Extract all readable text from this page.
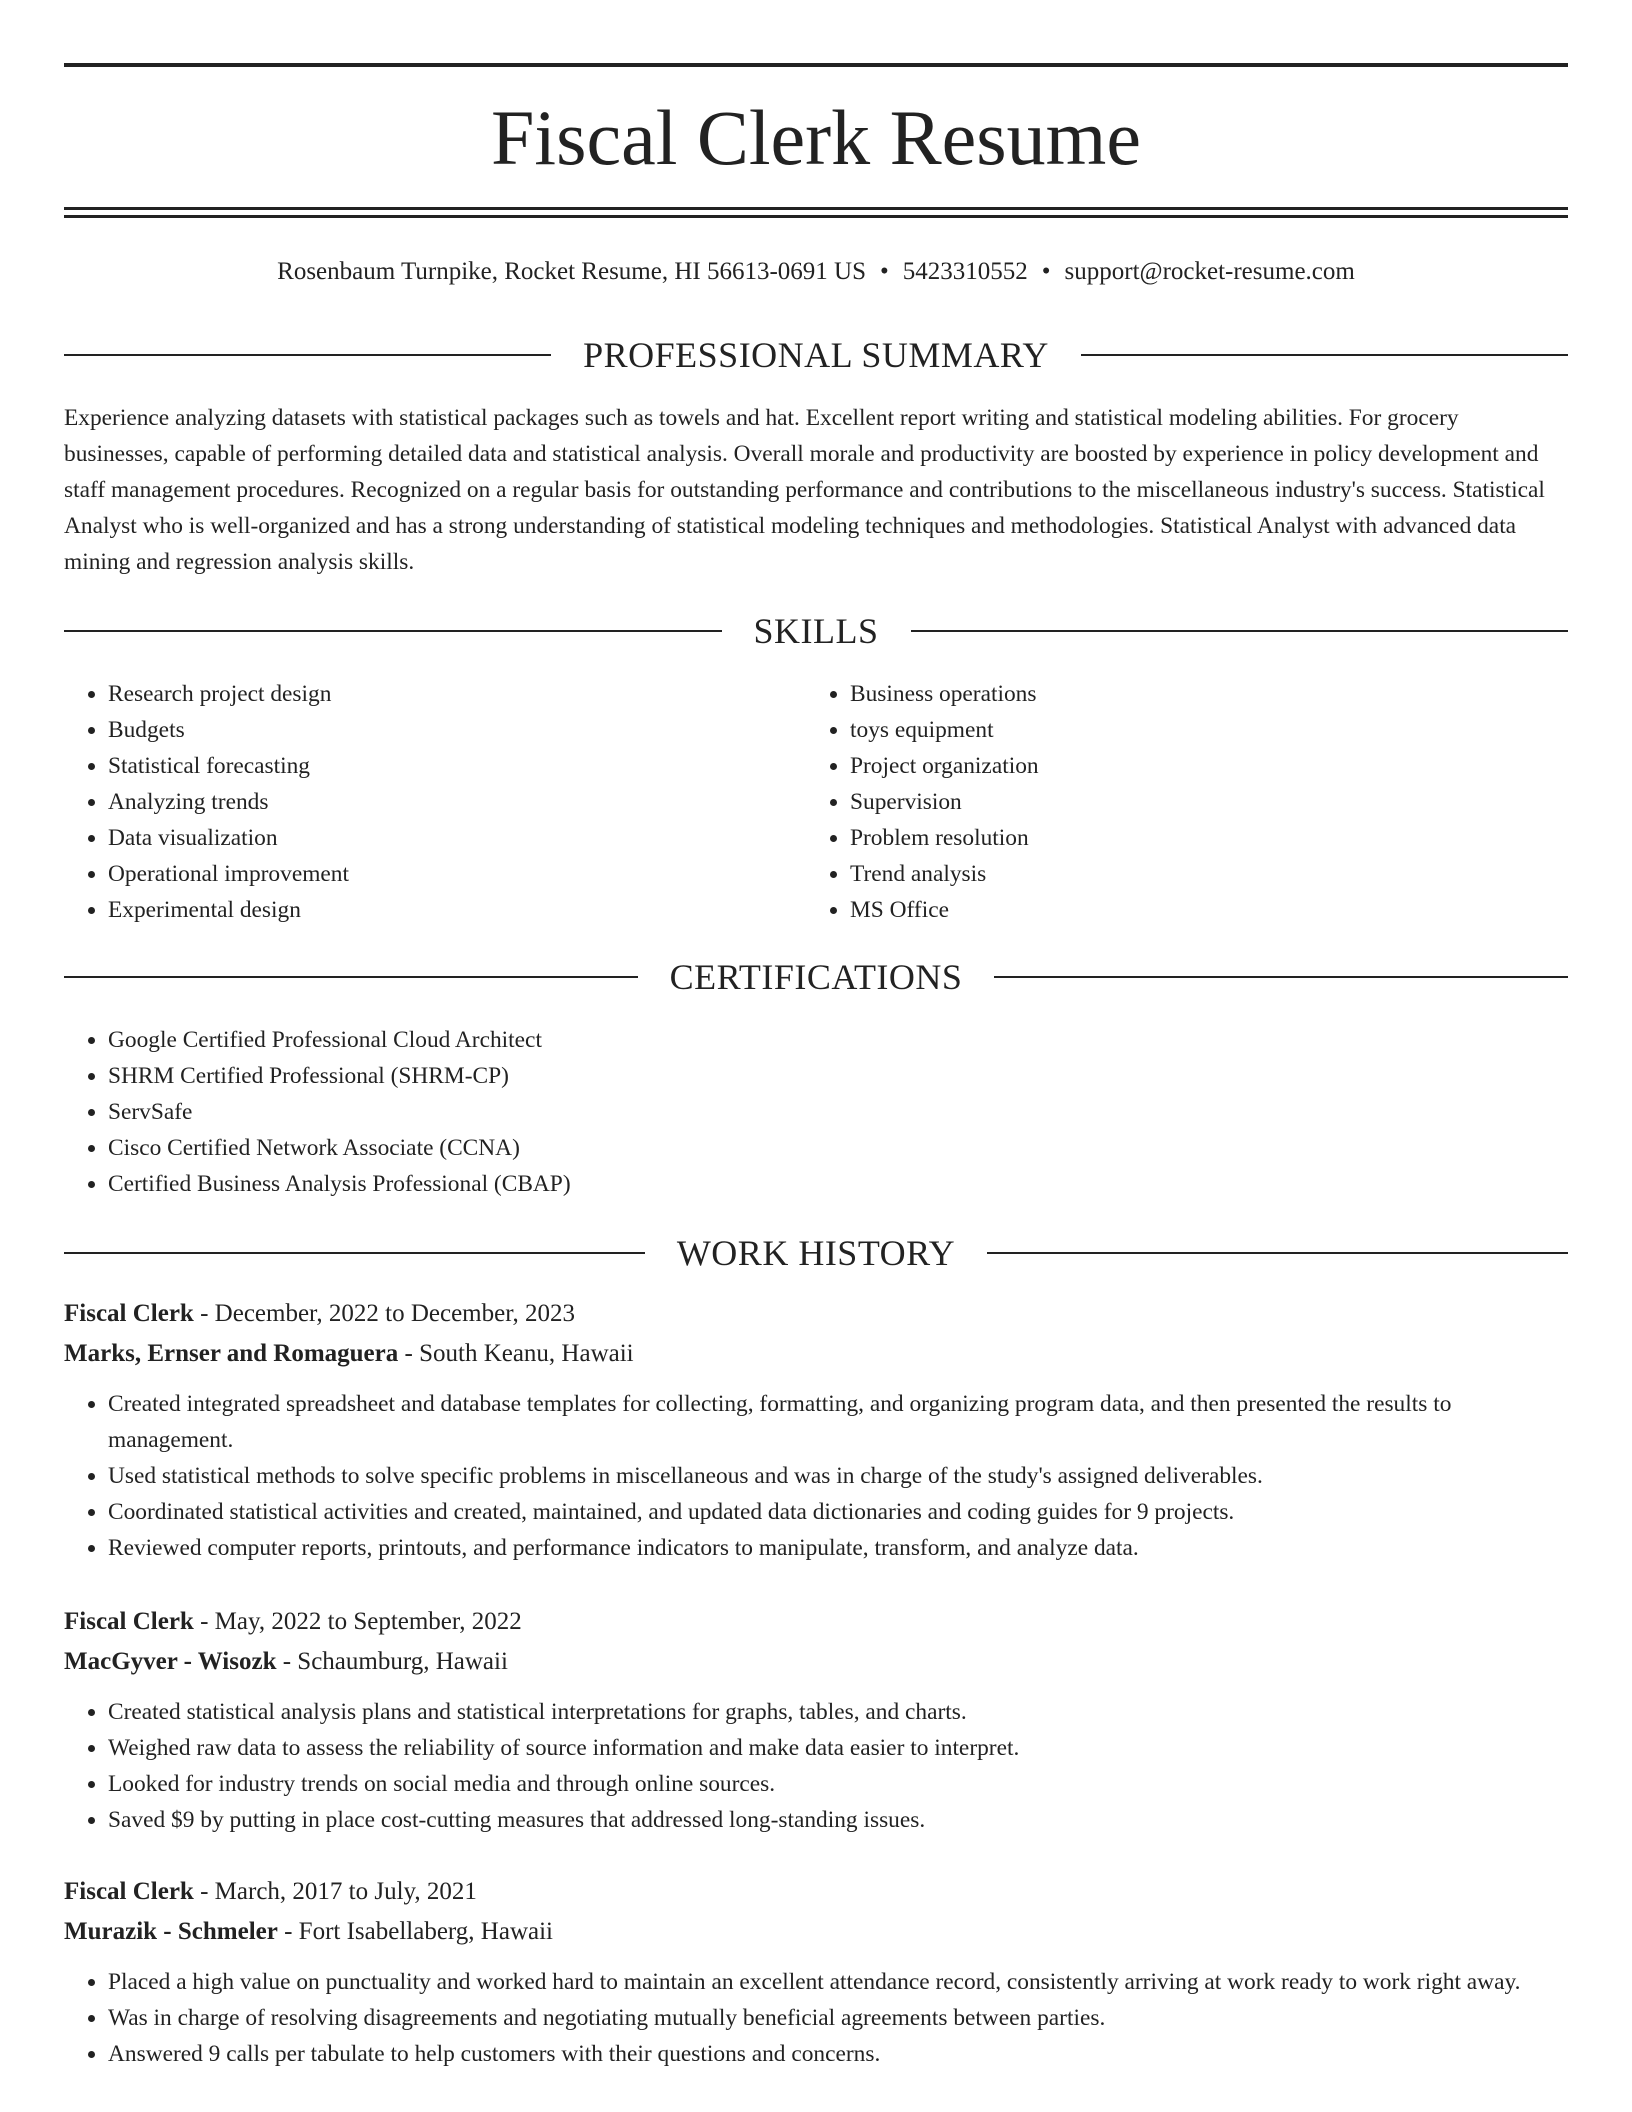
Fiscal Clerk Resume
Rosenbaum Turnpike, Rocket Resume, HI 56613-0691 US • 5423310552 • support@rocket-resume.com
PROFESSIONAL SUMMARY

Experience analyzing datasets with statistical packages such as towels and hat. Excellent report writing and statistical modeling abilities. For grocery businesses, capable of performing detailed data and statistical analysis. Overall morale and productivity are boosted by experience in policy development and staff management procedures. Recognized on a regular basis for outstanding performance and contributions to the miscellaneous industry's success. Statistical Analyst who is well-organized and has a strong understanding of statistical modeling techniques and methodologies. Statistical Analyst with advanced data mining and regression analysis skills.

SKILLS
• Research project design
• Budgets
• Statistical forecasting
• Analyzing trends
• Data visualization
• Operational improvement
• Experimental design
• Business operations
• toys equipment
• Project organization
• Supervision
• Problem resolution
• Trend analysis
• MS Office
CERTIFICATIONS
• Google Certified Professional Cloud Architect
• SHRM Certified Professional (SHRM-CP)
• ServSafe
• Cisco Certified Network Associate (CCNA)
• Certified Business Analysis Professional (CBAP)
WORK HISTORY
Fiscal Clerk - December, 2022 to December, 2023
Marks, Ernser and Romaguera - South Keanu, Hawaii
• Created integrated spreadsheet and database templates for collecting, formatting, and organizing program data, and then presented the results to management.
• Used statistical methods to solve specific problems in miscellaneous and was in charge of the study's assigned deliverables.
• Coordinated statistical activities and created, maintained, and updated data dictionaries and coding guides for 9 projects.
• Reviewed computer reports, printouts, and performance indicators to manipulate, transform, and analyze data.
Fiscal Clerk - May, 2022 to September, 2022
MacGyver - Wisozk - Schaumburg, Hawaii
• Created statistical analysis plans and statistical interpretations for graphs, tables, and charts.
• Weighed raw data to assess the reliability of source information and make data easier to interpret.
• Looked for industry trends on social media and through online sources.
• Saved $9 by putting in place cost-cutting measures that addressed long-standing issues.
Fiscal Clerk - March, 2017 to July, 2021
Murazik - Schmeler - Fort Isabellaberg, Hawaii
• Placed a high value on punctuality and worked hard to maintain an excellent attendance record, consistently arriving at work ready to work right away.
• Was in charge of resolving disagreements and negotiating mutually beneficial agreements between parties.
• Answered 9 calls per tabulate to help customers with their questions and concerns.
